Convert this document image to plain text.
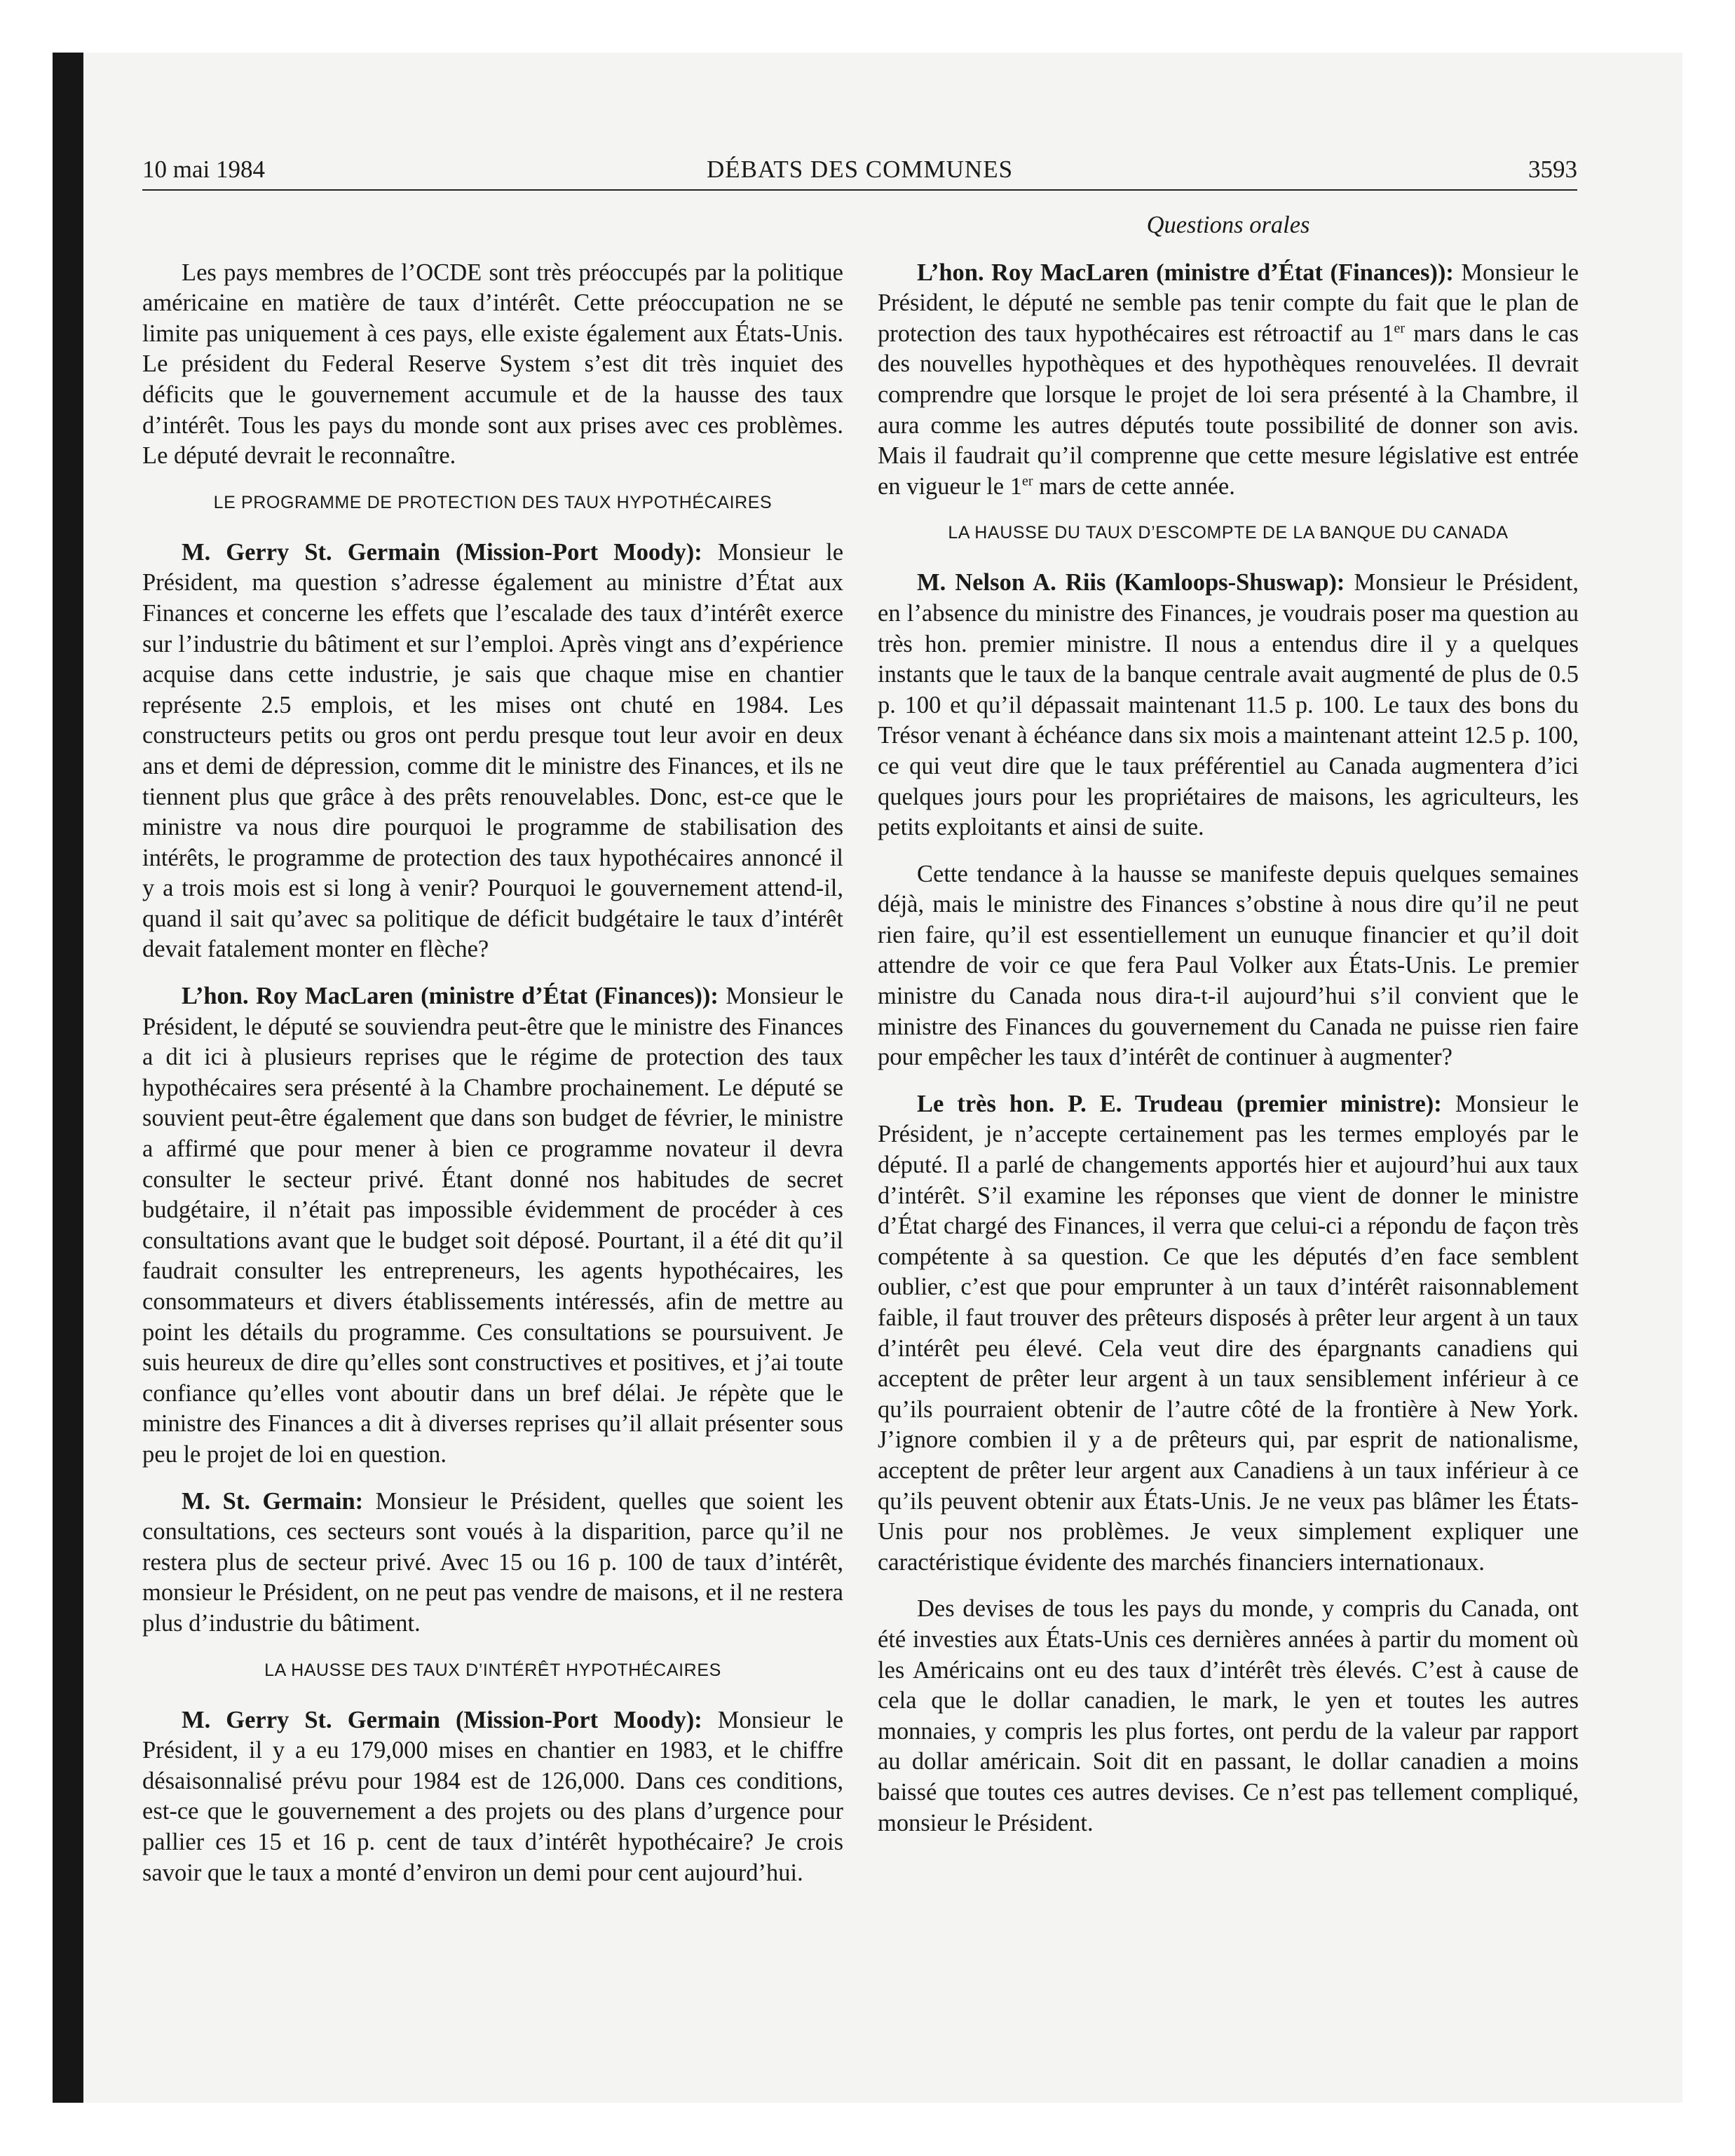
10 mai 1984	DÉBATS DES COMMUNES	3593

Les pays membres de l’OCDE sont très préoccupés par la politique américaine en matière de taux d’intérêt. Cette préoccupation ne se limite pas uniquement à ces pays, elle existe également aux États-Unis. Le président du Federal Reserve System s’est dit très inquiet des déficits que le gouvernement accumule et de la hausse des taux d’intérêt. Tous les pays du monde sont aux prises avec ces problèmes. Le député devrait le reconnaître.

LE PROGRAMME DE PROTECTION DES TAUX HYPOTHÉCAIRES

M. Gerry St. Germain (Mission-Port Moody): Monsieur le Président, ma question s’adresse également au ministre d’État aux Finances et concerne les effets que l’escalade des taux d’intérêt exerce sur l’industrie du bâtiment et sur l’emploi. Après vingt ans d’expérience acquise dans cette industrie, je sais que chaque mise en chantier représente 2.5 emplois, et les mises ont chuté en 1984. Les constructeurs petits ou gros ont perdu presque tout leur avoir en deux ans et demi de dépression, comme dit le ministre des Finances, et ils ne tiennent plus que grâce à des prêts renouvelables. Donc, est-ce que le ministre va nous dire pourquoi le programme de stabilisation des intérêts, le programme de protection des taux hypothécaires annoncé il y a trois mois est si long à venir? Pourquoi le gouvernement attend-il, quand il sait qu’avec sa politique de déficit budgétaire le taux d’intérêt devait fatalement monter en flèche?

L’hon. Roy MacLaren (ministre d’État (Finances)): Monsieur le Président, le député se souviendra peut-être que le ministre des Finances a dit ici à plusieurs reprises que le régime de protection des taux hypothécaires sera présenté à la Chambre prochainement. Le député se souvient peut-être également que dans son budget de février, le ministre a affirmé que pour mener à bien ce programme novateur il devra consulter le secteur privé. Étant donné nos habitudes de secret budgétaire, il n’était pas impossible évidemment de procéder à ces consultations avant que le budget soit déposé. Pourtant, il a été dit qu’il faudrait consulter les entrepreneurs, les agents hypothécaires, les consommateurs et divers établissements intéressés, afin de mettre au point les détails du programme. Ces consultations se poursuivent. Je suis heureux de dire qu’elles sont constructives et positives, et j’ai toute confiance qu’elles vont aboutir dans un bref délai. Je répète que le ministre des Finances a dit à diverses reprises qu’il allait présenter sous peu le projet de loi en question.

M. St. Germain: Monsieur le Président, quelles que soient les consultations, ces secteurs sont voués à la disparition, parce qu’il ne restera plus de secteur privé. Avec 15 ou 16 p. 100 de taux d’intérêt, monsieur le Président, on ne peut pas vendre de maisons, et il ne restera plus d’industrie du bâtiment.

LA HAUSSE DES TAUX D’INTÉRÊT HYPOTHÉCAIRES

M. Gerry St. Germain (Mission-Port Moody): Monsieur le Président, il y a eu 179,000 mises en chantier en 1983, et le chiffre désaisonnalisé prévu pour 1984 est de 126,000. Dans ces conditions, est-ce que le gouvernement a des projets ou des plans d’urgence pour pallier ces 15 et 16 p. cent de taux d’intérêt hypothécaire? Je crois savoir que le taux a monté d’environ un demi pour cent aujourd’hui.

Questions orales

L’hon. Roy MacLaren (ministre d’État (Finances)): Monsieur le Président, le député ne semble pas tenir compte du fait que le plan de protection des taux hypothécaires est rétroactif au 1er mars dans le cas des nouvelles hypothèques et des hypothèques renouvelées. Il devrait comprendre que lorsque le projet de loi sera présenté à la Chambre, il aura comme les autres députés toute possibilité de donner son avis. Mais il faudrait qu’il comprenne que cette mesure législative est entrée en vigueur le 1er mars de cette année.

LA HAUSSE DU TAUX D’ESCOMPTE DE LA BANQUE DU CANADA

M. Nelson A. Riis (Kamloops-Shuswap): Monsieur le Président, en l’absence du ministre des Finances, je voudrais poser ma question au très hon. premier ministre. Il nous a entendus dire il y a quelques instants que le taux de la banque centrale avait augmenté de plus de 0.5 p. 100 et qu’il dépassait maintenant 11.5 p. 100. Le taux des bons du Trésor venant à échéance dans six mois a maintenant atteint 12.5 p. 100, ce qui veut dire que le taux préférentiel au Canada augmentera d’ici quelques jours pour les propriétaires de maisons, les agriculteurs, les petits exploitants et ainsi de suite.

Cette tendance à la hausse se manifeste depuis quelques semaines déjà, mais le ministre des Finances s’obstine à nous dire qu’il ne peut rien faire, qu’il est essentiellement un eunuque financier et qu’il doit attendre de voir ce que fera Paul Volker aux États-Unis. Le premier ministre du Canada nous dira-t-il aujourd’hui s’il convient que le ministre des Finances du gouvernement du Canada ne puisse rien faire pour empêcher les taux d’intérêt de continuer à augmenter?

Le très hon. P. E. Trudeau (premier ministre): Monsieur le Président, je n’accepte certainement pas les termes employés par le député. Il a parlé de changements apportés hier et aujourd’hui aux taux d’intérêt. S’il examine les réponses que vient de donner le ministre d’État chargé des Finances, il verra que celui-ci a répondu de façon très compétente à sa question. Ce que les députés d’en face semblent oublier, c’est que pour emprunter à un taux d’intérêt raisonnablement faible, il faut trouver des prêteurs disposés à prêter leur argent à un taux d’intérêt peu élevé. Cela veut dire des épargnants canadiens qui acceptent de prêter leur argent à un taux sensiblement inférieur à ce qu’ils pourraient obtenir de l’autre côté de la frontière à New York. J’ignore combien il y a de prêteurs qui, par esprit de nationalisme, acceptent de prêter leur argent aux Canadiens à un taux inférieur à ce qu’ils peuvent obtenir aux États-Unis. Je ne veux pas blâmer les États-Unis pour nos problèmes. Je veux simplement expliquer une caractéristique évidente des marchés financiers internationaux.

Des devises de tous les pays du monde, y compris du Canada, ont été investies aux États-Unis ces dernières années à partir du moment où les Américains ont eu des taux d’intérêt très élevés. C’est à cause de cela que le dollar canadien, le mark, le yen et toutes les autres monnaies, y compris les plus fortes, ont perdu de la valeur par rapport au dollar américain. Soit dit en passant, le dollar canadien a moins baissé que toutes ces autres devises. Ce n’est pas tellement compliqué, monsieur le Président.
